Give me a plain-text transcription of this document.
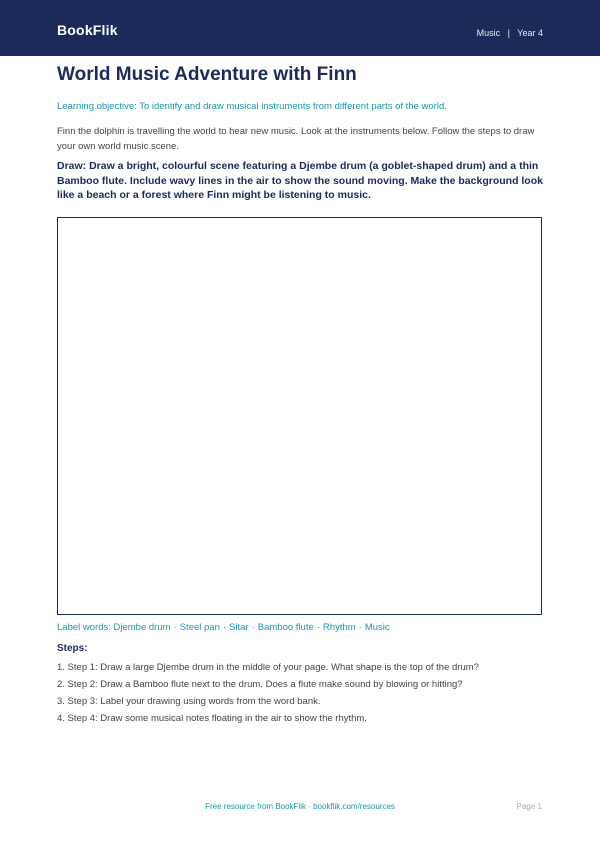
BookFlik	Music | Year 4
World Music Adventure with Finn
Learning objective: To identify and draw musical instruments from different parts of the world.
Finn the dolphin is travelling the world to hear new music. Look at the instruments below. Follow the steps to draw your own world music scene.
Draw: Draw a bright, colourful scene featuring a Djembe drum (a goblet-shaped drum) and a thin Bamboo flute. Include wavy lines in the air to show the sound moving. Make the background look like a beach or a forest where Finn might be listening to music.
Label words: Djembe drum · Steel pan · Sitar · Bamboo flute · Rhythm · Music
Steps:
1. Step 1: Draw a large Djembe drum in the middle of your page. What shape is the top of the drum?
2. Step 2: Draw a Bamboo flute next to the drum. Does a flute make sound by blowing or hitting?
3. Step 3: Label your drawing using words from the word bank.
4. Step 4: Draw some musical notes floating in the air to show the rhythm.
Free resource from BookFlik · bookflik.com/resources	Page 1
